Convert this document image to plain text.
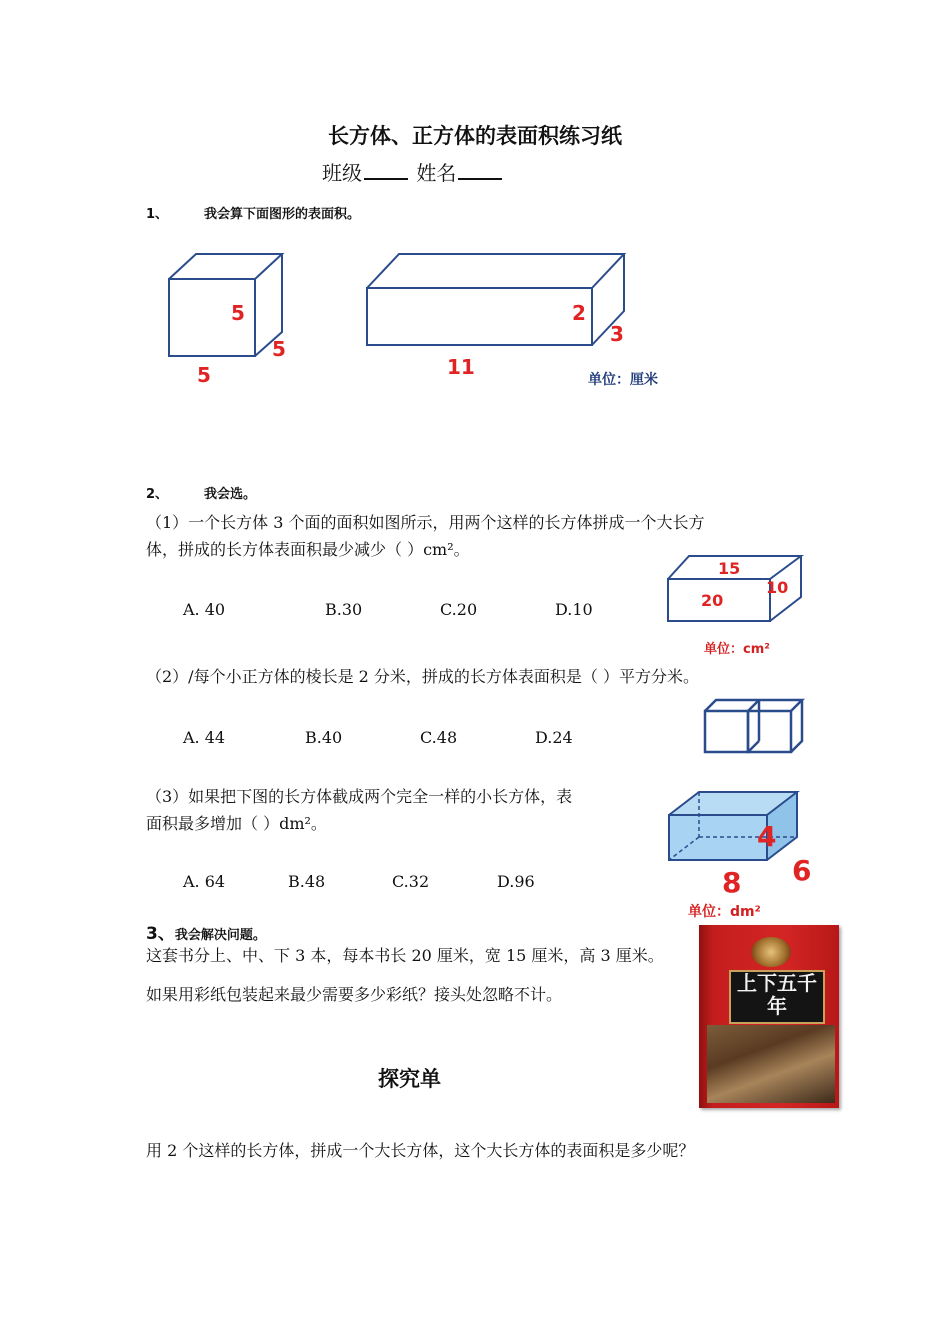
长方体、正方体的表面积练习纸
班级	姓名
1、	我会算下面图形的表面积。
5
5
5
2
3
11
单位：厘米
2、	我会选。
（1）一个长方体 3 个面的面积如图所示，用两个这样的长方体拼成一个大长方
体，拼成的长方体表面积最少减少（ ）cm²。
A. 40	B.30	C.20	D.10
15
20
10
单位：cm²
（2）/每个小正方体的棱长是 2 分米，拼成的长方体表面积是（ ）平方分米。
A. 44	B.40	C.48	D.24
（3）如果把下图的长方体截成两个完全一样的小长方体，表
面积最多增加（ ）dm²。
A. 64	B.48	C.32	D.96
4
8 6
单位：dm²
3、我会解决问题。
这套书分上、中、下 3 本，每本书长 20 厘米，宽 15 厘米，高 3 厘米。
如果用彩纸包装起来最少需要多少彩纸？接头处忽略不计。	上下五千年
探究单
用 2 个这样的长方体，拼成一个大长方体，这个大长方体的表面积是多少呢？
